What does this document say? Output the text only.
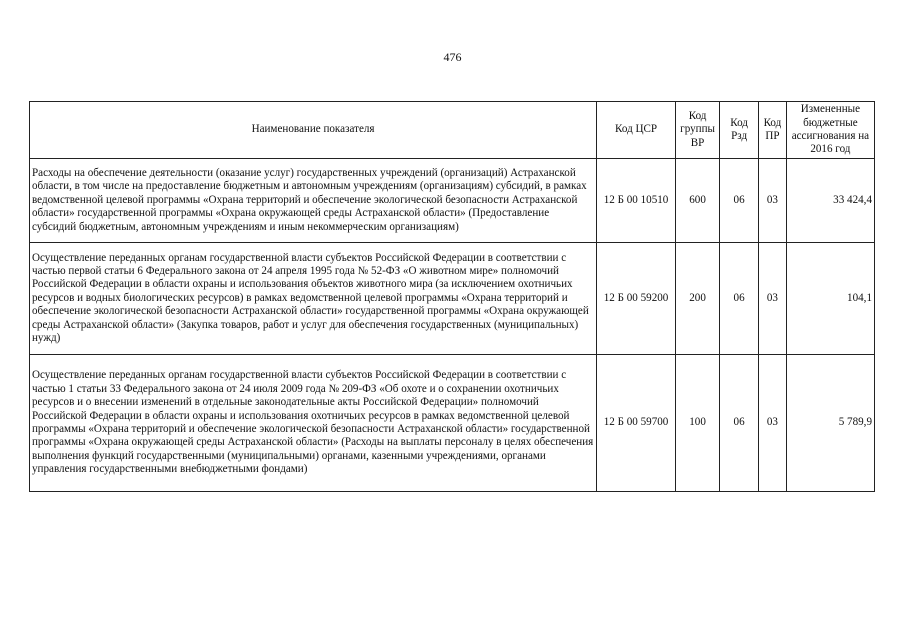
476
Наименование показателя	Код ЦСР	Код группы ВР	Код Рзд	Код ПР	Измененные бюджетные ассигнования на 2016 год
Расходы на обеспечение деятельности (оказание услуг) государственных учреждений (организаций) Астраханской области, в том числе на предоставление бюджетным и автономным учреждениям (организациям) субсидий, в рамках ведомственной целевой программы «Охрана территорий и обеспечение экологической безопасности Астраханской области» государственной программы «Охрана окружающей среды Астраханской области» (Предоставление субсидий бюджетным, автономным учреждениям и иным некоммерческим организациям)	12 Б 00 10510	600	06	03	33 424,4
Осуществление переданных органам государственной власти субъектов Российской Федерации в соответствии с частью первой статьи 6 Федерального закона от 24 апреля 1995 года № 52-ФЗ «О животном мире» полномочий Российской Федерации в области охраны и использования объектов животного мира (за исключением охотничьих ресурсов и водных биологических ресурсов) в рамках ведомственной целевой программы «Охрана территорий и обеспечение экологической безопасности Астраханской области» государственной программы «Охрана окружающей среды Астраханской области» (Закупка товаров, работ и услуг для обеспечения государственных (муниципальных) нужд)	12 Б 00 59200	200	06	03	104,1
Осуществление переданных органам государственной власти субъектов Российской Федерации в соответствии с частью 1 статьи 33 Федерального закона от 24 июля 2009 года № 209-ФЗ «Об охоте и о сохранении охотничьих ресурсов и о внесении изменений в отдельные законодательные акты Российской Федерации» полномочий Российской Федерации в области охраны и использования охотничьих ресурсов в рамках ведомственной целевой программы «Охрана территорий и обеспечение экологической безопасности Астраханской области» государственной программы «Охрана окружающей среды Астраханской области» (Расходы на выплаты персоналу в целях обеспечения выполнения функций государственными (муниципальными) органами, казенными учреждениями, органами управления государственными внебюджетными фондами)	12 Б 00 59700	100	06	03	5 789,9
